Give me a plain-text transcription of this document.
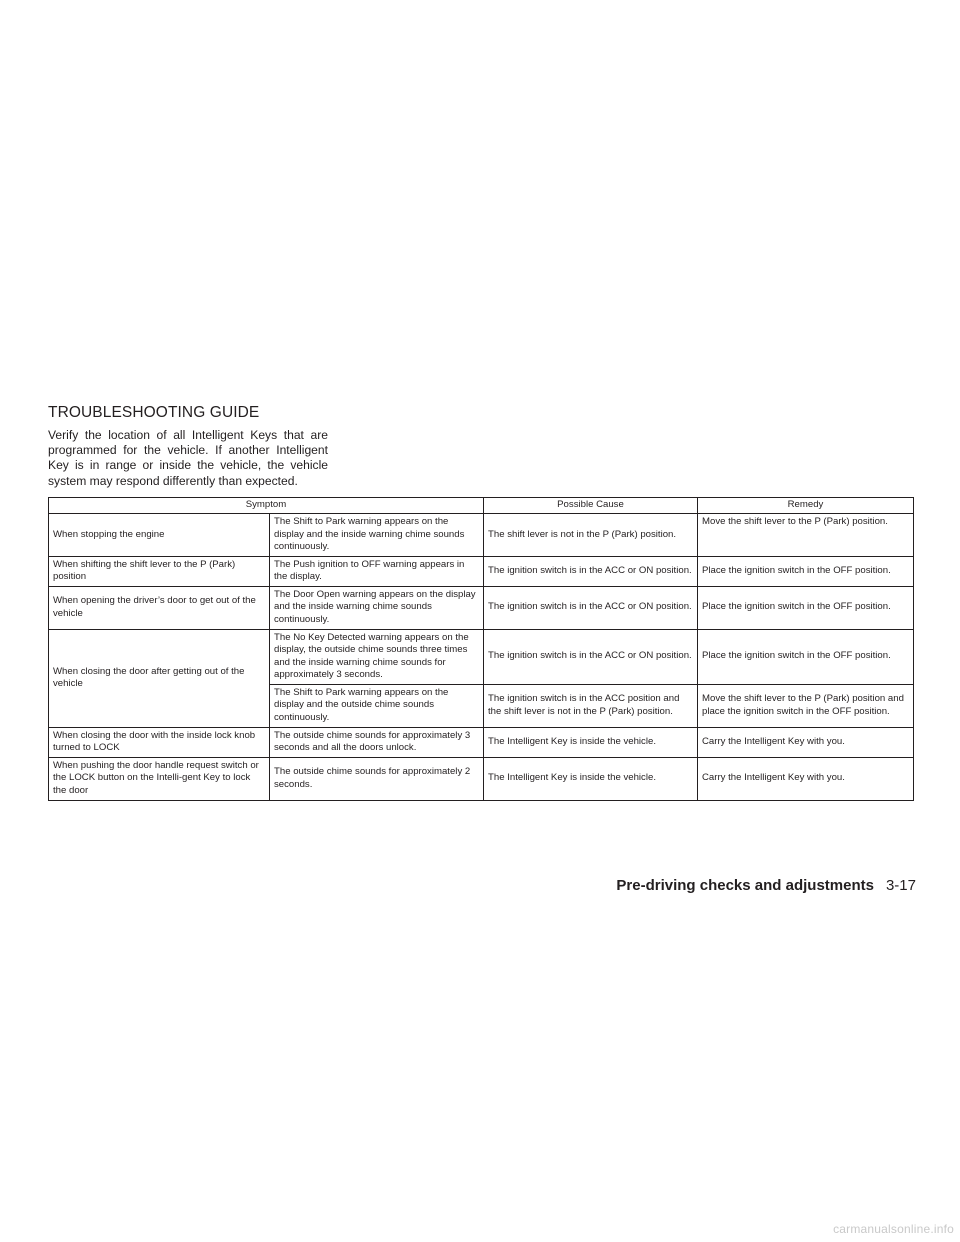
TROUBLESHOOTING GUIDE

Verify the location of all Intelligent Keys that are programmed for the vehicle. If another Intelligent Key is in range or inside the vehicle, the vehicle system may respond differently than expected.

Symptom		Possible Cause	Remedy
When stopping the engine	The Shift to Park warning appears on the display and the inside warning chime sounds continuously.	The shift lever is not in the P (Park) position.	Move the shift lever to the P (Park) position.
When shifting the shift lever to the P (Park) position	The Push ignition to OFF warning appears in the display.	The ignition switch is in the ACC or ON position.	Place the ignition switch in the OFF position.
When opening the driver’s door to get out of the vehicle	The Door Open warning appears on the display and the inside warning chime sounds continuously.	The ignition switch is in the ACC or ON position.	Place the ignition switch in the OFF position.
When closing the door after getting out of the vehicle	The No Key Detected warning appears on the display, the outside chime sounds three times and the inside warning chime sounds for approximately 3 seconds.	The ignition switch is in the ACC or ON position.	Place the ignition switch in the OFF position.
	The Shift to Park warning appears on the display and the outside chime sounds continuously.	The ignition switch is in the ACC position and the shift lever is not in the P (Park) position.	Move the shift lever to the P (Park) position and place the ignition switch in the OFF position.
When closing the door with the inside lock knob turned to LOCK	The outside chime sounds for approximately 3 seconds and all the doors unlock.	The Intelligent Key is inside the vehicle.	Carry the Intelligent Key with you.
When pushing the door handle request switch or the LOCK button on the Intelli-gent Key to lock the door	The outside chime sounds for approximately 2 seconds.	The Intelligent Key is inside the vehicle.	Carry the Intelligent Key with you.
Pre-driving checks and adjustments 3-17
carmanualsonline.info
